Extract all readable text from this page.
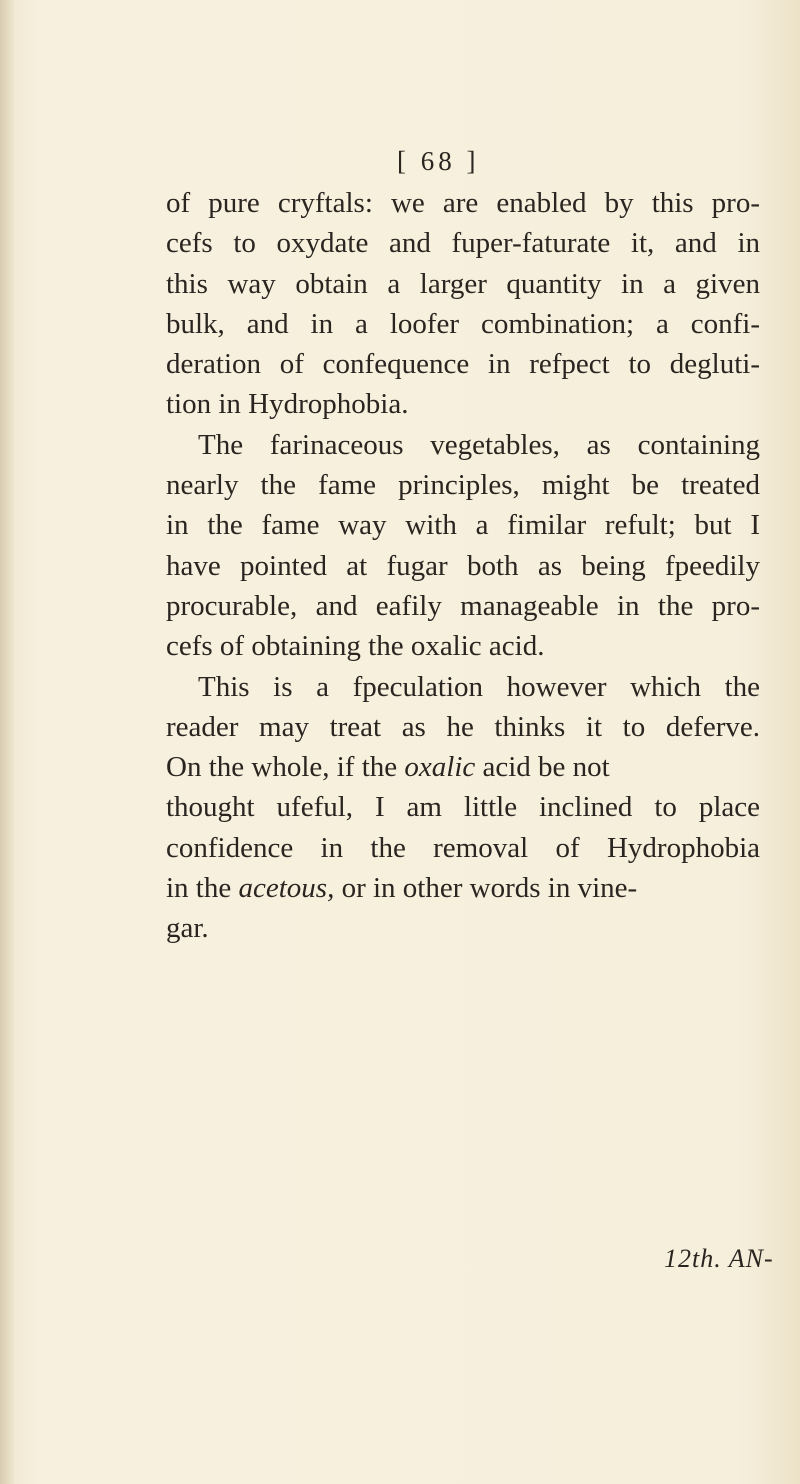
[ 68 ]
of pure cryftals: we are enabled by this pro-
cefs to oxydate and fuper-faturate it, and in
this way obtain a larger quantity in a given
bulk, and in a loofer combination; a confi-
deration of confequence in refpect to degluti-
tion in Hydrophobia.
The farinaceous vegetables, as containing
nearly the fame principles, might be treated
in the fame way with a fimilar refult; but I
have pointed at fugar both as being fpeedily
procurable, and eafily manageable in the pro-
cefs of obtaining the oxalic acid.
This is a fpeculation however which the
reader may treat as he thinks it to deferve.
On the whole, if the oxalic acid be not
thought ufeful, I am little inclined to place
confidence in the removal of Hydrophobia
in the acetous, or in other words in vine-
gar.
12th. AN-
